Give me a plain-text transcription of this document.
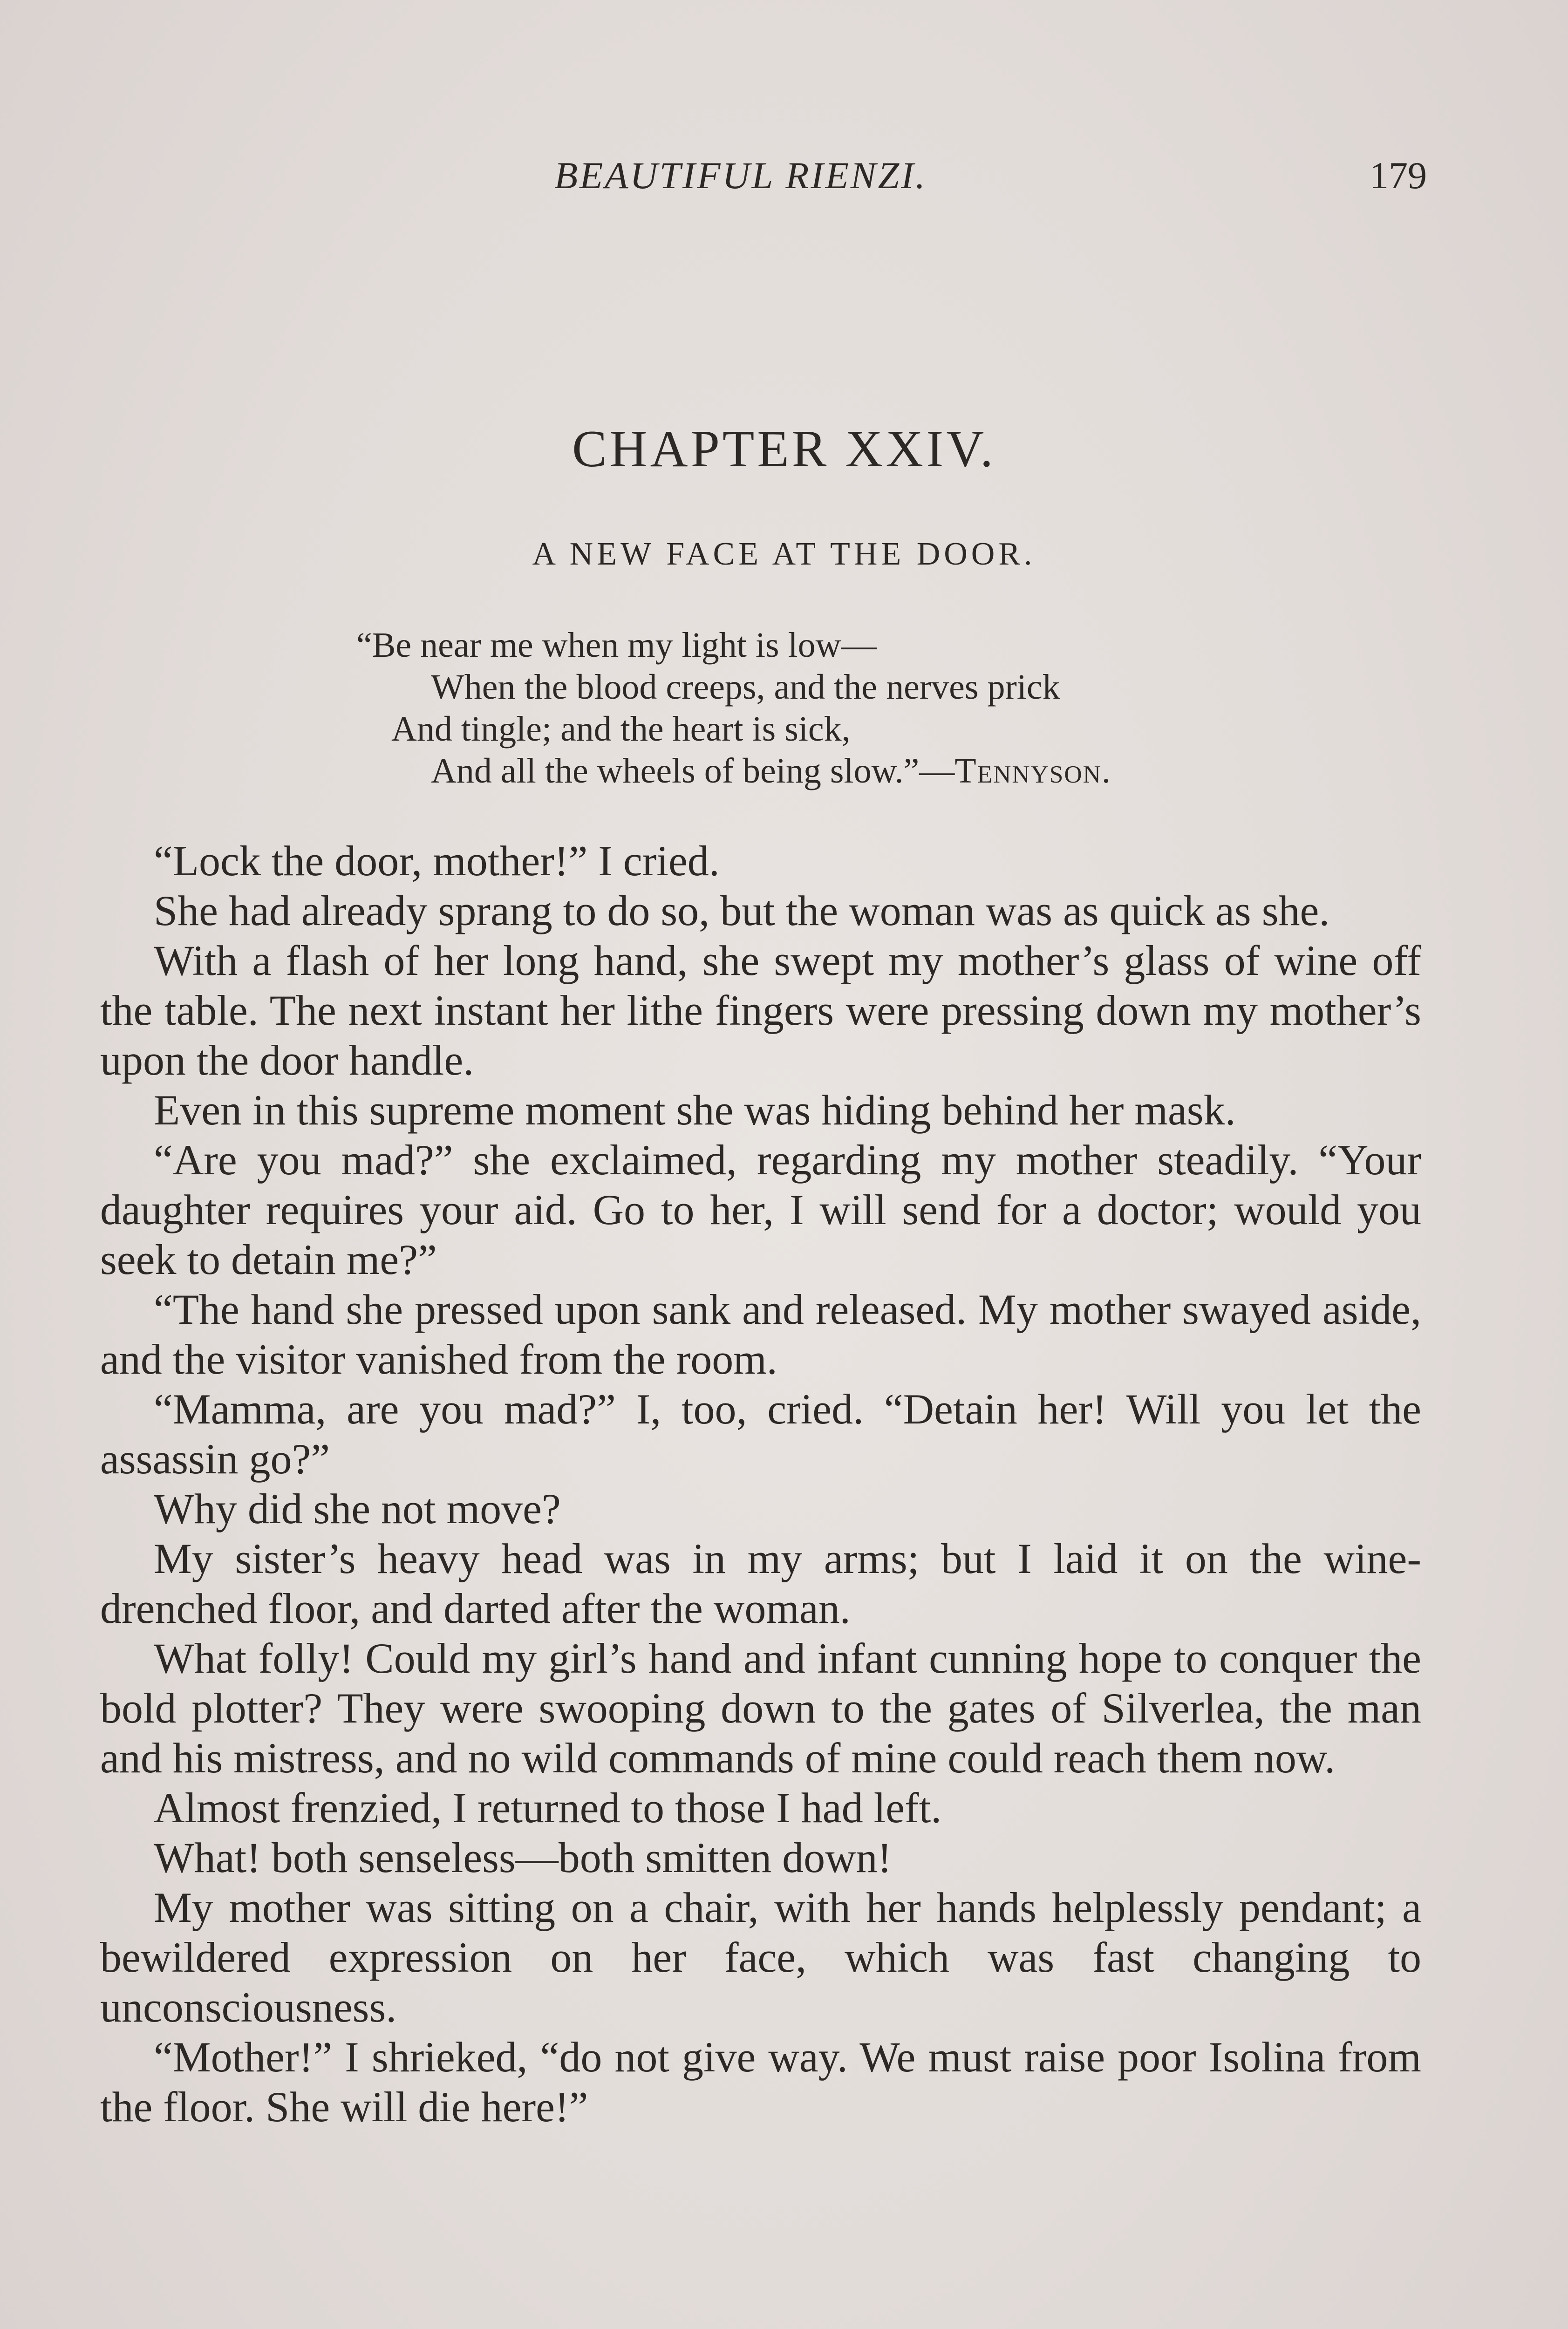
BEAUTIFUL RIENZI.	179
CHAPTER XXIV.
A NEW FACE AT THE DOOR.
“Be near me when my light is low—
When the blood creeps, and the nerves prick
And tingle; and the heart is sick,
And all the wheels of being slow.”—Tennyson.

“Lock the door, mother!” I cried.

She had already sprang to do so, but the woman was as quick as she.

With a flash of her long hand, she swept my mother’s glass of wine off the table. The next instant her lithe fingers were pressing down my mother’s upon the door handle.

Even in this supreme moment she was hiding behind her mask.

“Are you mad?” she exclaimed, regarding my mother steadily. “Your daughter requires your aid. Go to her, I will send for a doctor; would you seek to detain me?”

“The hand she pressed upon sank and released. My mother swayed aside, and the visitor vanished from the room.

“Mamma, are you mad?” I, too, cried. “Detain her! Will you let the assassin go?”

Why did she not move?

My sister’s heavy head was in my arms; but I laid it on the wine-drenched floor, and darted after the woman.

What folly! Could my girl’s hand and infant cunning hope to conquer the bold plotter? They were swooping down to the gates of Silverlea, the man and his mistress, and no wild commands of mine could reach them now.

Almost frenzied, I returned to those I had left.

What! both senseless—both smitten down!

My mother was sitting on a chair, with her hands helplessly pendant; a bewildered expression on her face, which was fast changing to unconsciousness.

“Mother!” I shrieked, “do not give way. We must raise poor Isolina from the floor. She will die here!”
